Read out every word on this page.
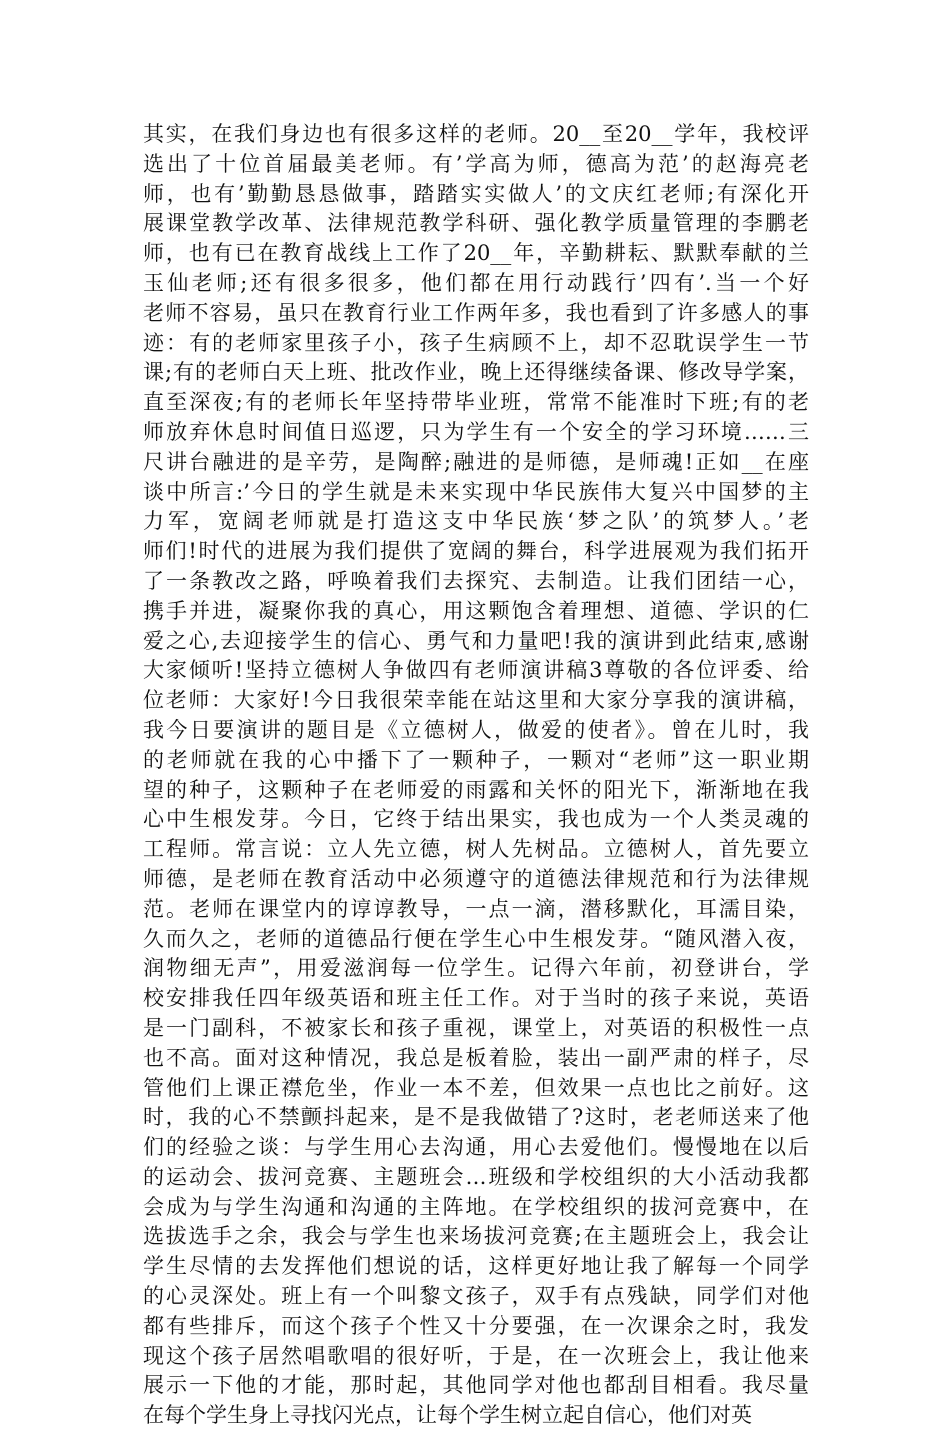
其实，在我们身边也有很多这样的老师。20__至20__学年，我校评
选出了十位首届最美老师。有’学高为师，德高为范’的赵海亮老
师，也有’勤勤恳恳做事，踏踏实实做人’的文庆红老师;有深化开
展课堂教学改革、法律规范教学科研、强化教学质量管理的李鹏老
师，也有已在教育战线上工作了20__年，辛勤耕耘、默默奉献的兰
玉仙老师;还有很多很多，他们都在用行动践行’四有’.当一个好
老师不容易，虽只在教育行业工作两年多，我也看到了许多感人的事
迹：有的老师家里孩子小，孩子生病顾不上，却不忍耽误学生一节
课;有的老师白天上班、批改作业，晚上还得继续备课、修改导学案，
直至深夜;有的老师长年坚持带毕业班，常常不能准时下班;有的老
师放弃休息时间值日巡逻，只为学生有一个安全的学习环境……三
尺讲台融进的是辛劳，是陶醉;融进的是师德，是师魂!正如__在座
谈中所言:’今日的学生就是未来实现中华民族伟大复兴中国梦的主
力军，宽阔老师就是打造这支中华民族‘梦之队’的筑梦人。’老
师们!时代的进展为我们提供了宽阔的舞台，科学进展观为我们拓开
了一条教改之路，呼唤着我们去探究、去制造。让我们团结一心，
携手并进，凝聚你我的真心，用这颗饱含着理想、道德、学识的仁
爱之心,去迎接学生的信心、勇气和力量吧!我的演讲到此结束,感谢
大家倾听!坚持立德树人争做四有老师演讲稿3尊敬的各位评委、给
位老师：大家好!今日我很荣幸能在站这里和大家分享我的演讲稿，
我今日要演讲的题目是《立德树人，做爱的使者》。曾在儿时，我
的老师就在我的心中播下了一颗种子，一颗对“老师”这一职业期
望的种子，这颗种子在老师爱的雨露和关怀的阳光下，渐渐地在我
心中生根发芽。今日，它终于结出果实，我也成为一个人类灵魂的
工程师。常言说：立人先立德，树人先树品。立德树人，首先要立
师德，是老师在教育活动中必须遵守的道德法律规范和行为法律规
范。老师在课堂内的谆谆教导，一点一滴，潜移默化，耳濡目染，
久而久之，老师的道德品行便在学生心中生根发芽。“随风潜入夜，
润物细无声”，用爱滋润每一位学生。记得六年前，初登讲台，学
校安排我任四年级英语和班主任工作。对于当时的孩子来说，英语
是一门副科，不被家长和孩子重视，课堂上，对英语的积极性一点
也不高。面对这种情况，我总是板着脸，装出一副严肃的样子，尽
管他们上课正襟危坐，作业一本不差，但效果一点也比之前好。这
时，我的心不禁颤抖起来，是不是我做错了?这时，老老师送来了他
们的经验之谈：与学生用心去沟通，用心去爱他们。慢慢地在以后
的运动会、拔河竞赛、主题班会…班级和学校组织的大小活动我都
会成为与学生沟通和沟通的主阵地。在学校组织的拔河竞赛中，在
选拔选手之余，我会与学生也来场拔河竞赛;在主题班会上，我会让
学生尽情的去发挥他们想说的话，这样更好地让我了解每一个同学
的心灵深处。班上有一个叫黎文孩子，双手有点残缺，同学们对他
都有些排斥，而这个孩子个性又十分要强，在一次课余之时，我发
现这个孩子居然唱歌唱的很好听，于是，在一次班会上，我让他来
展示一下他的才能，那时起，其他同学对他也都刮目相看。我尽量
在每个学生身上寻找闪光点，让每个学生树立起自信心，他们对英
